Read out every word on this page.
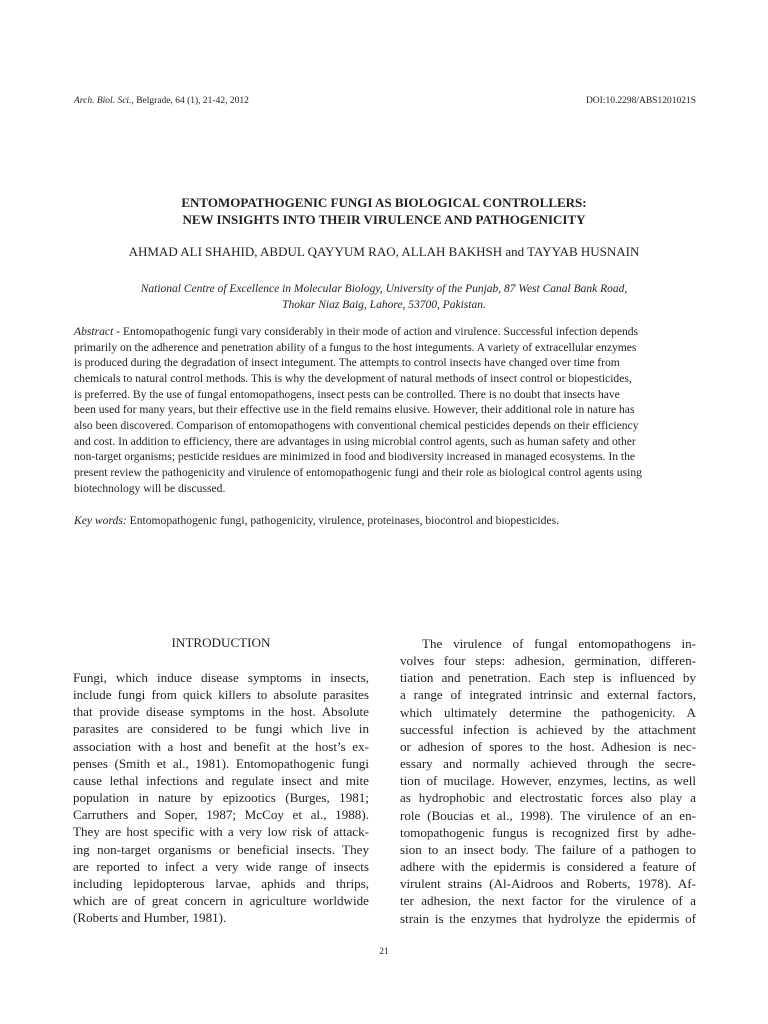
Arch. Biol. Sci., Belgrade, 64 (1), 21-42, 2012	DOI:10.2298/ABS1201021S
ENTOMOPATHOGENIC FUNGI AS BIOLOGICAL CONTROLLERS:
NEW INSIGHTS INTO THEIR VIRULENCE AND PATHOGENICITY
AHMAD ALI SHAHID, ABDUL QAYYUM RAO, ALLAH BAKHSH and TAYYAB HUSNAIN
National Centre of Excellence in Molecular Biology, University of the Punjab, 87 West Canal Bank Road,
Thokar Niaz Baig, Lahore, 53700, Pakistan.
Abstract - Entomopathogenic fungi vary considerably in their mode of action and virulence. Successful infection depends
primarily on the adherence and penetration ability of a fungus to the host integuments. A variety of extracellular enzymes
is produced during the degradation of insect integument. The attempts to control insects have changed over time from
chemicals to natural control methods. This is why the development of natural methods of insect control or biopesticides,
is preferred. By the use of fungal entomopathogens, insect pests can be controlled. There is no doubt that insects have
been used for many years, but their effective use in the field remains elusive. However, their additional role in nature has
also been discovered. Comparison of entomopathogens with conventional chemical pesticides depends on their efficiency
and cost. In addition to efficiency, there are advantages in using microbial control agents, such as human safety and other
non-target organisms; pesticide residues are minimized in food and biodiversity increased in managed ecosystems. In the
present review the pathogenicity and virulence of entomopathogenic fungi and their role as biological control agents using
biotechnology will be discussed.
Key words: Entomopathogenic fungi, pathogenicity, virulence, proteinases, biocontrol and biopesticides.
INTRODUCTION
Fungi, which induce disease symptoms in insects,
include fungi from quick killers to absolute parasites
that provide disease symptoms in the host. Absolute
parasites are considered to be fungi which live in
association with a host and benefit at the host’s ex-
penses (Smith et al., 1981). Entomopathogenic fungi
cause lethal infections and regulate insect and mite
population in nature by epizootics (Burges, 1981;
Carruthers and Soper, 1987; McCoy et al., 1988).
They are host specific with a very low risk of attack-
ing non-target organisms or beneficial insects. They
are reported to infect a very wide range of insects
including lepidopterous larvae, aphids and thrips,
which are of great concern in agriculture worldwide
(Roberts and Humber, 1981).
The virulence of fungal entomopathogens in-
volves four steps: adhesion, germination, differen-
tiation and penetration. Each step is influenced by
a range of integrated intrinsic and external factors,
which ultimately determine the pathogenicity. A
successful infection is achieved by the attachment
or adhesion of spores to the host. Adhesion is nec-
essary and normally achieved through the secre-
tion of mucilage. However, enzymes, lectins, as well
as hydrophobic and electrostatic forces also play a
role (Boucias et al., 1998). The virulence of an en-
tomopathogenic fungus is recognized first by adhe-
sion to an insect body. The failure of a pathogen to
adhere with the epidermis is considered a feature of
virulent strains (Al-Aidroos and Roberts, 1978). Af-
ter adhesion, the next factor for the virulence of a
strain is the enzymes that hydrolyze the epidermis of
21
